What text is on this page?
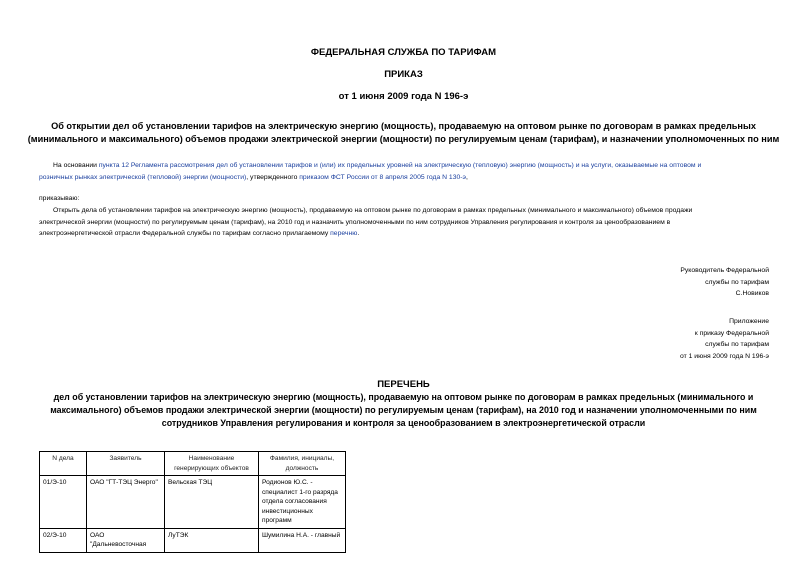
ФЕДЕРАЛЬНАЯ СЛУЖБА ПО ТАРИФАМ
ПРИКАЗ
от 1 июня 2009 года N 196-э
Об открытии дел об установлении тарифов на электрическую энергию (мощность), продаваемую на оптовом рынке по договорам в рамках предельных
(минимального и максимального) объемов продажи электрической энергии (мощности) по регулируемым ценам (тарифам), и назначении уполномоченных по ним
На основании пункта 12 Регламента рассмотрения дел об установлении тарифов и (или) их предельных уровней на электрическую (тепловую) энергию (мощность) и на услуги, оказываемые на оптовом и
розничных рынках электрической (тепловой) энергии (мощности), утвержденного приказом ФСТ России от 8 апреля 2005 года N 130-э,
приказываю:
Открыть дела об установлении тарифов на электрическую энергию (мощность), продаваемую на оптовом рынке по договорам в рамках предельных (минимального и максимального) объемов продажи
электрической энергии (мощности) по регулируемым ценам (тарифам), на 2010 год и назначить уполномоченными по ним сотрудников Управления регулирования и контроля за ценообразованием в
электроэнергетической отрасли Федеральной службы по тарифам согласно прилагаемому перечню.
Руководитель Федеральной
службы по тарифам
С.Новиков
Приложение
к приказу Федеральной
службы по тарифам
от 1 июня 2009 года N 196-э
ПЕРЕЧЕНЬ
дел об установлении тарифов на электрическую энергию (мощность), продаваемую на оптовом рынке по договорам в рамках предельных (минимального и
максимального) объемов продажи электрической энергии (мощности) по регулируемым ценам (тарифам), на 2010 год и назначении уполномоченными по ним
сотрудников Управления регулирования и контроля за ценообразованием в электроэнергетической отрасли
N дела	Заявитель	Наименование генерирующих объектов	Фамилия, инициалы, должность
01/Э-10	ОАО "ГТ-ТЭЦ Энерго"	Вельская ТЭЦ	Родионов Ю.С. - специалист 1-го разряда отдела согласования инвестиционных программ
02/Э-10	ОАО "Дальневосточная	ЛуТЭК	Шумилина Н.А. - главный
